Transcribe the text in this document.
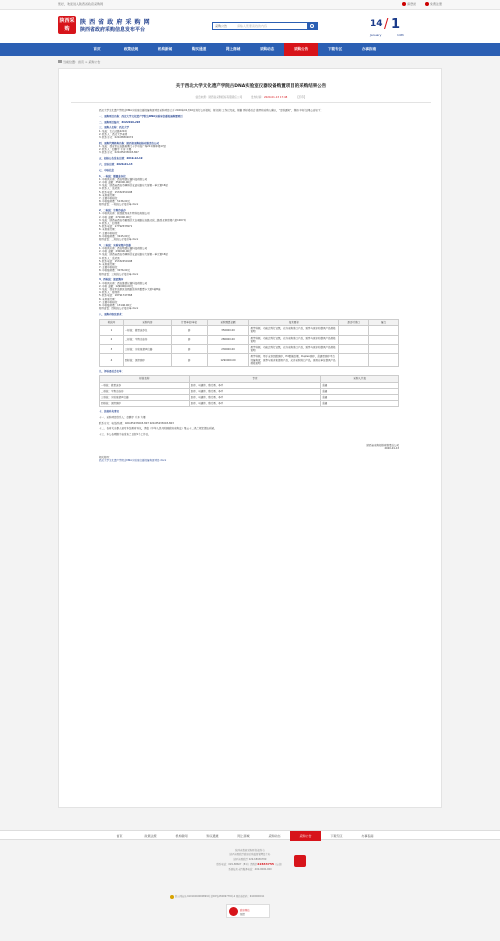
您好，欢迎进入陕西省政府采购网	请登录	免费注册
陕西采购
陕 西 省 政 府 采 购 网
陕西省政府采购信息发布平台
采购公告	请输入您要查找的内容	14 / 1
January	14th
首页	政策法规	机构新闻	购买通道	网上商城	采购动态	采购公告	下载专区	办事指南
当前位置：首页 > 采购公告
关于西北大学文化遗产学院古DNA实验室仪器设备购置项目的采购结果公告
信息来源：陕西省采购招标有限责任公司	发布时间：2020-01-13 17:48	【打印】

西北大学文化遗产学院古DNA实验室仪器设备购置项目采购项目已于 2020年01月10日进行公开招标，现 招标 工作已完成，根据 评标委员会 推荐和采购人确认，“定标通知”，现将 中标 结果公告如下：

一、采购项目名称：西北大学文化遗产学院古DNA实验室仪器设备购置项目

二、采购项目编号：ZCZ2019-293

三、采购人名称：西北大学

1. 地址：太白北路229号

2. 联系人：西北大学老师

3. 联系方式：029-88302074

四、采购代理机构名称：陕西省采购招标有限责任公司

1. 地址：西安市长安路南寨门十字中段广场21号锦华楼17层

2. 联系人：赵鹏宇 王芳 左娜

3. 联系方式：029-85233003-807

五、招标公告发布日期：2019-12-19

六、定标日期：2020-01-13

七、中标信息

1、一标段：微量冻存仪

1. 中标供应商：西安明德仪器科技有限公司

2. 中标 金额：352000.00元

3. 地址：陕西省西安市碑林区友谊东路东大厦第一单元第16层

4. 联系人：高武英

5. 联系电话：15332450198

6. 未供需行顺：

7. 主要中标标的：

8. 中标服务费：5136.00元

附件查看：一标段公示报价单.docx

2、二标段：生物冷冻存

1. 中标供应商：陕西欧利来生物科技有限公司

2. 中标 金额：271000.00元

3. 地址：陕西省西安市雁塔区太白南路长安路北段二路西北商贸楼六层1007号

4. 联系人：赵伟燕

5. 联系电话：17792533971

6. 未供需行顺：

7. 主要中标标的：

8. 中标服务费：3245.00元

附件查看：二标段公示报价单.docx

3、三标段：实验室超声仪器

1. 中标供应商：西安明德仪器科技有限公司

2. 中标 金额：230000.00元

3. 地址：陕西省西安市碑林区友谊东路东大厦第一单元第16层

4. 联系人：高武英

5. 联系电话：15332450198

6. 未供需行顺：

7. 主要中标标的：

8. 中标服务费：3076.00元

附件查看：三标段公示报价单.docx

4、四标段：深度测序

1. 中标供应商：西安维德仪器科技有限公司

2. 中标 金额：1290000.00元

3. 地址：西安市高新区高新路高科尚都摩卡大厦1栋B座

4. 联系人：程伟伟

5. 联系电话：18791747368

6. 未供需行顺：

7. 主要中标标的：

8. 中标服务费：13146.00元

附件查看：四标段公示报价单.docx

八、采购内容及要求：

标段号	采购内容	计量单位/单位	采购预算金额	技术要求	是否可进口	备注
1	一标段：微量冻存仪	套	350000.00	教学科研，功能达到行业级，允许采购进口产品，需参与需求和提供产品规格说明		
2	二标段：生物冷冻存	套	280000.00	教学科研，功能达到行业级，允许采购进口产品，需参与需求和提供产品规格说明		
3	三标段：实验室超声仪器	套	230000.00	教学科研，功能达到行业级，允许采购进口产品，需参与需求和提供产品规格说明		
4	四标段：深度测序	套	1290000.00	教学科研，用于全基因组测序，Pd数据处理，Duplex测序，高通量测序平台设备购置，需参与需求和提供产品，允许采购进口产品，需供应单位提供产品规格说明		

九、评标委员会名单：

标段名称	专家	采购人代表
一标段：微量冻存	赵炜、马建伟、蔡元勇、李平	高峰
二标段：生物冷冻存	赵炜、马建伟、蔡元勇、李平	高峰
三标段：实验室超声仪器	赵炜、马建伟、蔡元勇、李平	高峰
四标段：深度测序	赵炜、马建伟、蔡元勇、李平	高峰

十、其他补充事宜

十一、采购项目联系人：赵鹏宇 王芳 左娜

联系方式：电话/传真：029-85233003-807 029-85233003-803

十二、各有关当事人若对本结果有异议，请依《中华人民共和国政府采购法》第五十二条之规定提出质疑。

十三、本公告期限为自发布之日起1个工作日。

陕西省采购招标有限责任公司
2020-01-13

相关附件：

西北大学文化遗产学院古DNA实验室仪器设备购置项目.docx

首页	政策法规	机构新闻	购买通道	网上商城	采购动态	采购公告	下载专区	办事指南
陕西省政府采购网 版权所有
陕西省财政厅政府采购监督管理处主办
陕西省财政厅 029-68936789
联系电话：029-88607（8号）请拨打22833755（应急）
系统技术支持服务电话：400-0000-000
陕公网安备 61010402000899号 陕ICP备05009778号-2 网站标识码：6100000011
政府网站
找错
